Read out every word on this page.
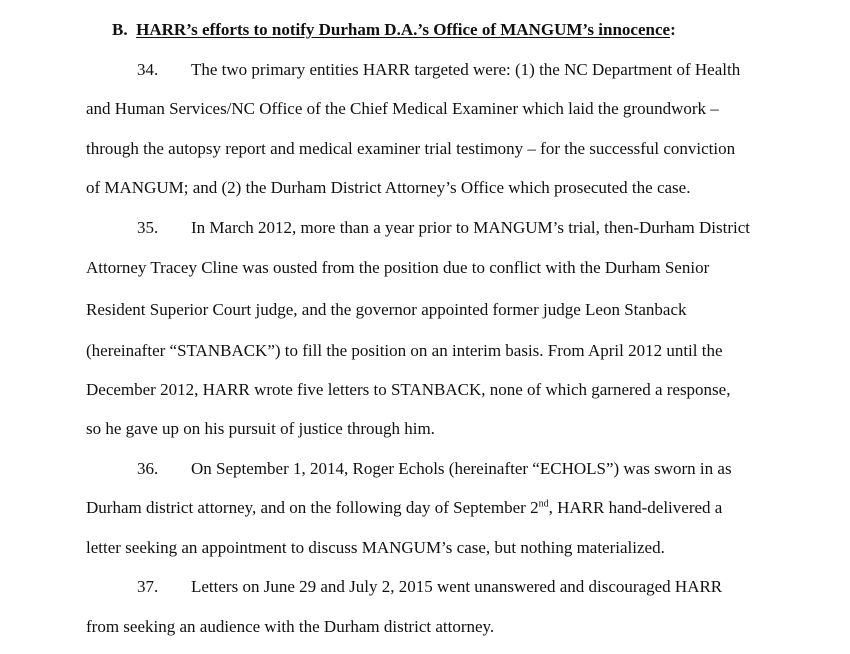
B. HARR’s efforts to notify Durham D.A.’s Office of MANGUM’s innocence:
34. The two primary entities HARR targeted were: (1) the NC Department of Health
and Human Services/NC Office of the Chief Medical Examiner which laid the groundwork –
through the autopsy report and medical examiner trial testimony – for the successful conviction
of MANGUM; and (2) the Durham District Attorney’s Office which prosecuted the case.
35. In March 2012, more than a year prior to MANGUM’s trial, then-Durham District
Attorney Tracey Cline was ousted from the position due to conflict with the Durham Senior
Resident Superior Court judge, and the governor appointed former judge Leon Stanback
(hereinafter “STANBACK”) to fill the position on an interim basis. From April 2012 until the
December 2012, HARR wrote five letters to STANBACK, none of which garnered a response,
so he gave up on his pursuit of justice through him.
36. On September 1, 2014, Roger Echols (hereinafter “ECHOLS”) was sworn in as
Durham district attorney, and on the following day of September 2nd, HARR hand-delivered a
letter seeking an appointment to discuss MANGUM’s case, but nothing materialized.
37. Letters on June 29 and July 2, 2015 went unanswered and discouraged HARR
from seeking an audience with the Durham district attorney.
